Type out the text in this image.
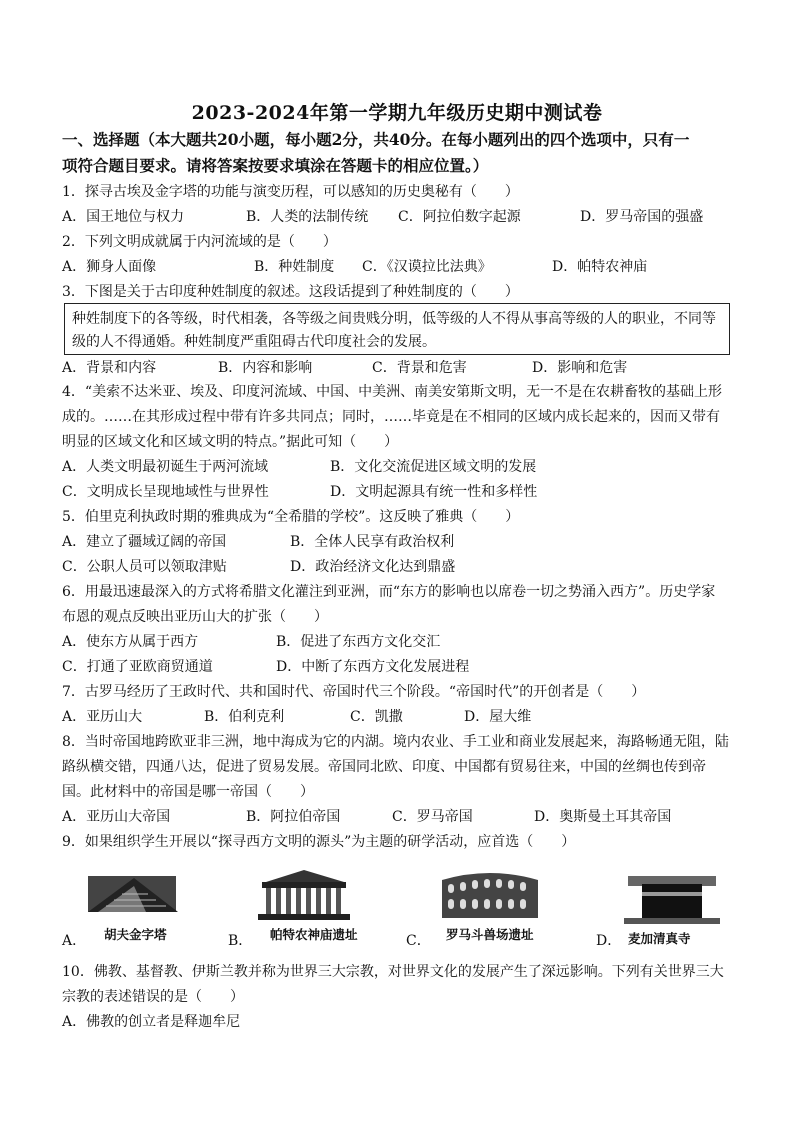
2023-2024年第一学期九年级历史期中测试卷
一、选择题（本大题共20小题，每小题2分，共40分。在每小题列出的四个选项中，只有一
项符合题目要求。请将答案按要求填涂在答题卡的相应位置。）
1．探寻古埃及金字塔的功能与演变历程，可以感知的历史奥秘有（　　）
A．国王地位与权力	B．人类的法制传统 C．阿拉伯数字起源	D．罗马帝国的强盛
2．下列文明成就属于内河流域的是（　　）
A．狮身人面像	B．种姓制度 C．《汉谟拉比法典》	D．帕特农神庙
3．下图是关于古印度种姓制度的叙述。这段话提到了种姓制度的（　　）
种姓制度下的各等级，时代相袭，各等级之间贵贱分明，低等级的人不得从事高等级的人的职业，不同等
级的人不得通婚。种姓制度严重阻碍古代印度社会的发展。
A．背景和内容	B．内容和影响	C．背景和危害	D．影响和危害
4．“美索不达米亚、埃及、印度河流域、中国、中美洲、南美安第斯文明，无一不是在农耕畜牧的基础上形
成的。……在其形成过程中带有许多共同点；同时，……毕竟是在不相同的区域内成长起来的，因而又带有
明显的区域文化和区域文明的特点。”据此可知（　　）
A．人类文明最初诞生于两河流域	B．文化交流促进区域文明的发展
C．文明成长呈现地域性与世界性	D．文明起源具有统一性和多样性
5．伯里克利执政时期的雅典成为“全希腊的学校”。这反映了雅典（　　）
A．建立了疆域辽阔的帝国	B．全体人民享有政治权利
C．公职人员可以领取津贴	D．政治经济文化达到鼎盛
6．用最迅速最深入的方式将希腊文化灌注到亚洲，而“东方的影响也以席卷一切之势涌入西方”。历史学家
布恩的观点反映出亚历山大的扩张（　　）
A．使东方从属于西方	B．促进了东西方文化交汇
C．打通了亚欧商贸通道	D．中断了东西方文化发展进程
7．古罗马经历了王政时代、共和国时代、帝国时代三个阶段。“帝国时代”的开创者是（　　）
A．亚历山大	B．伯利克利	C．凯撒	D．屋大维
8．当时帝国地跨欧亚非三洲，地中海成为它的内湖。境内农业、手工业和商业发展起来，海路畅通无阻，陆
路纵横交错，四通八达，促进了贸易发展。帝国同北欧、印度、中国都有贸易往来，中国的丝绸也传到帝
国。此材料中的帝国是哪一帝国（　　）
A．亚历山大帝国	B．阿拉伯帝国	C．罗马帝国	D．奥斯曼土耳其帝国
9．如果组织学生开展以“探寻西方文明的源头”为主题的研学活动，应首选（　　）
A． 胡夫金字塔	B． 帕特农神庙遗址	C． 罗马斗兽场遗址	D． 麦加清真寺
10．佛教、基督教、伊斯兰教并称为世界三大宗教，对世界文化的发展产生了深远影响。下列有关世界三大
宗教的表述错误的是（　　）
A．佛教的创立者是释迦牟尼
